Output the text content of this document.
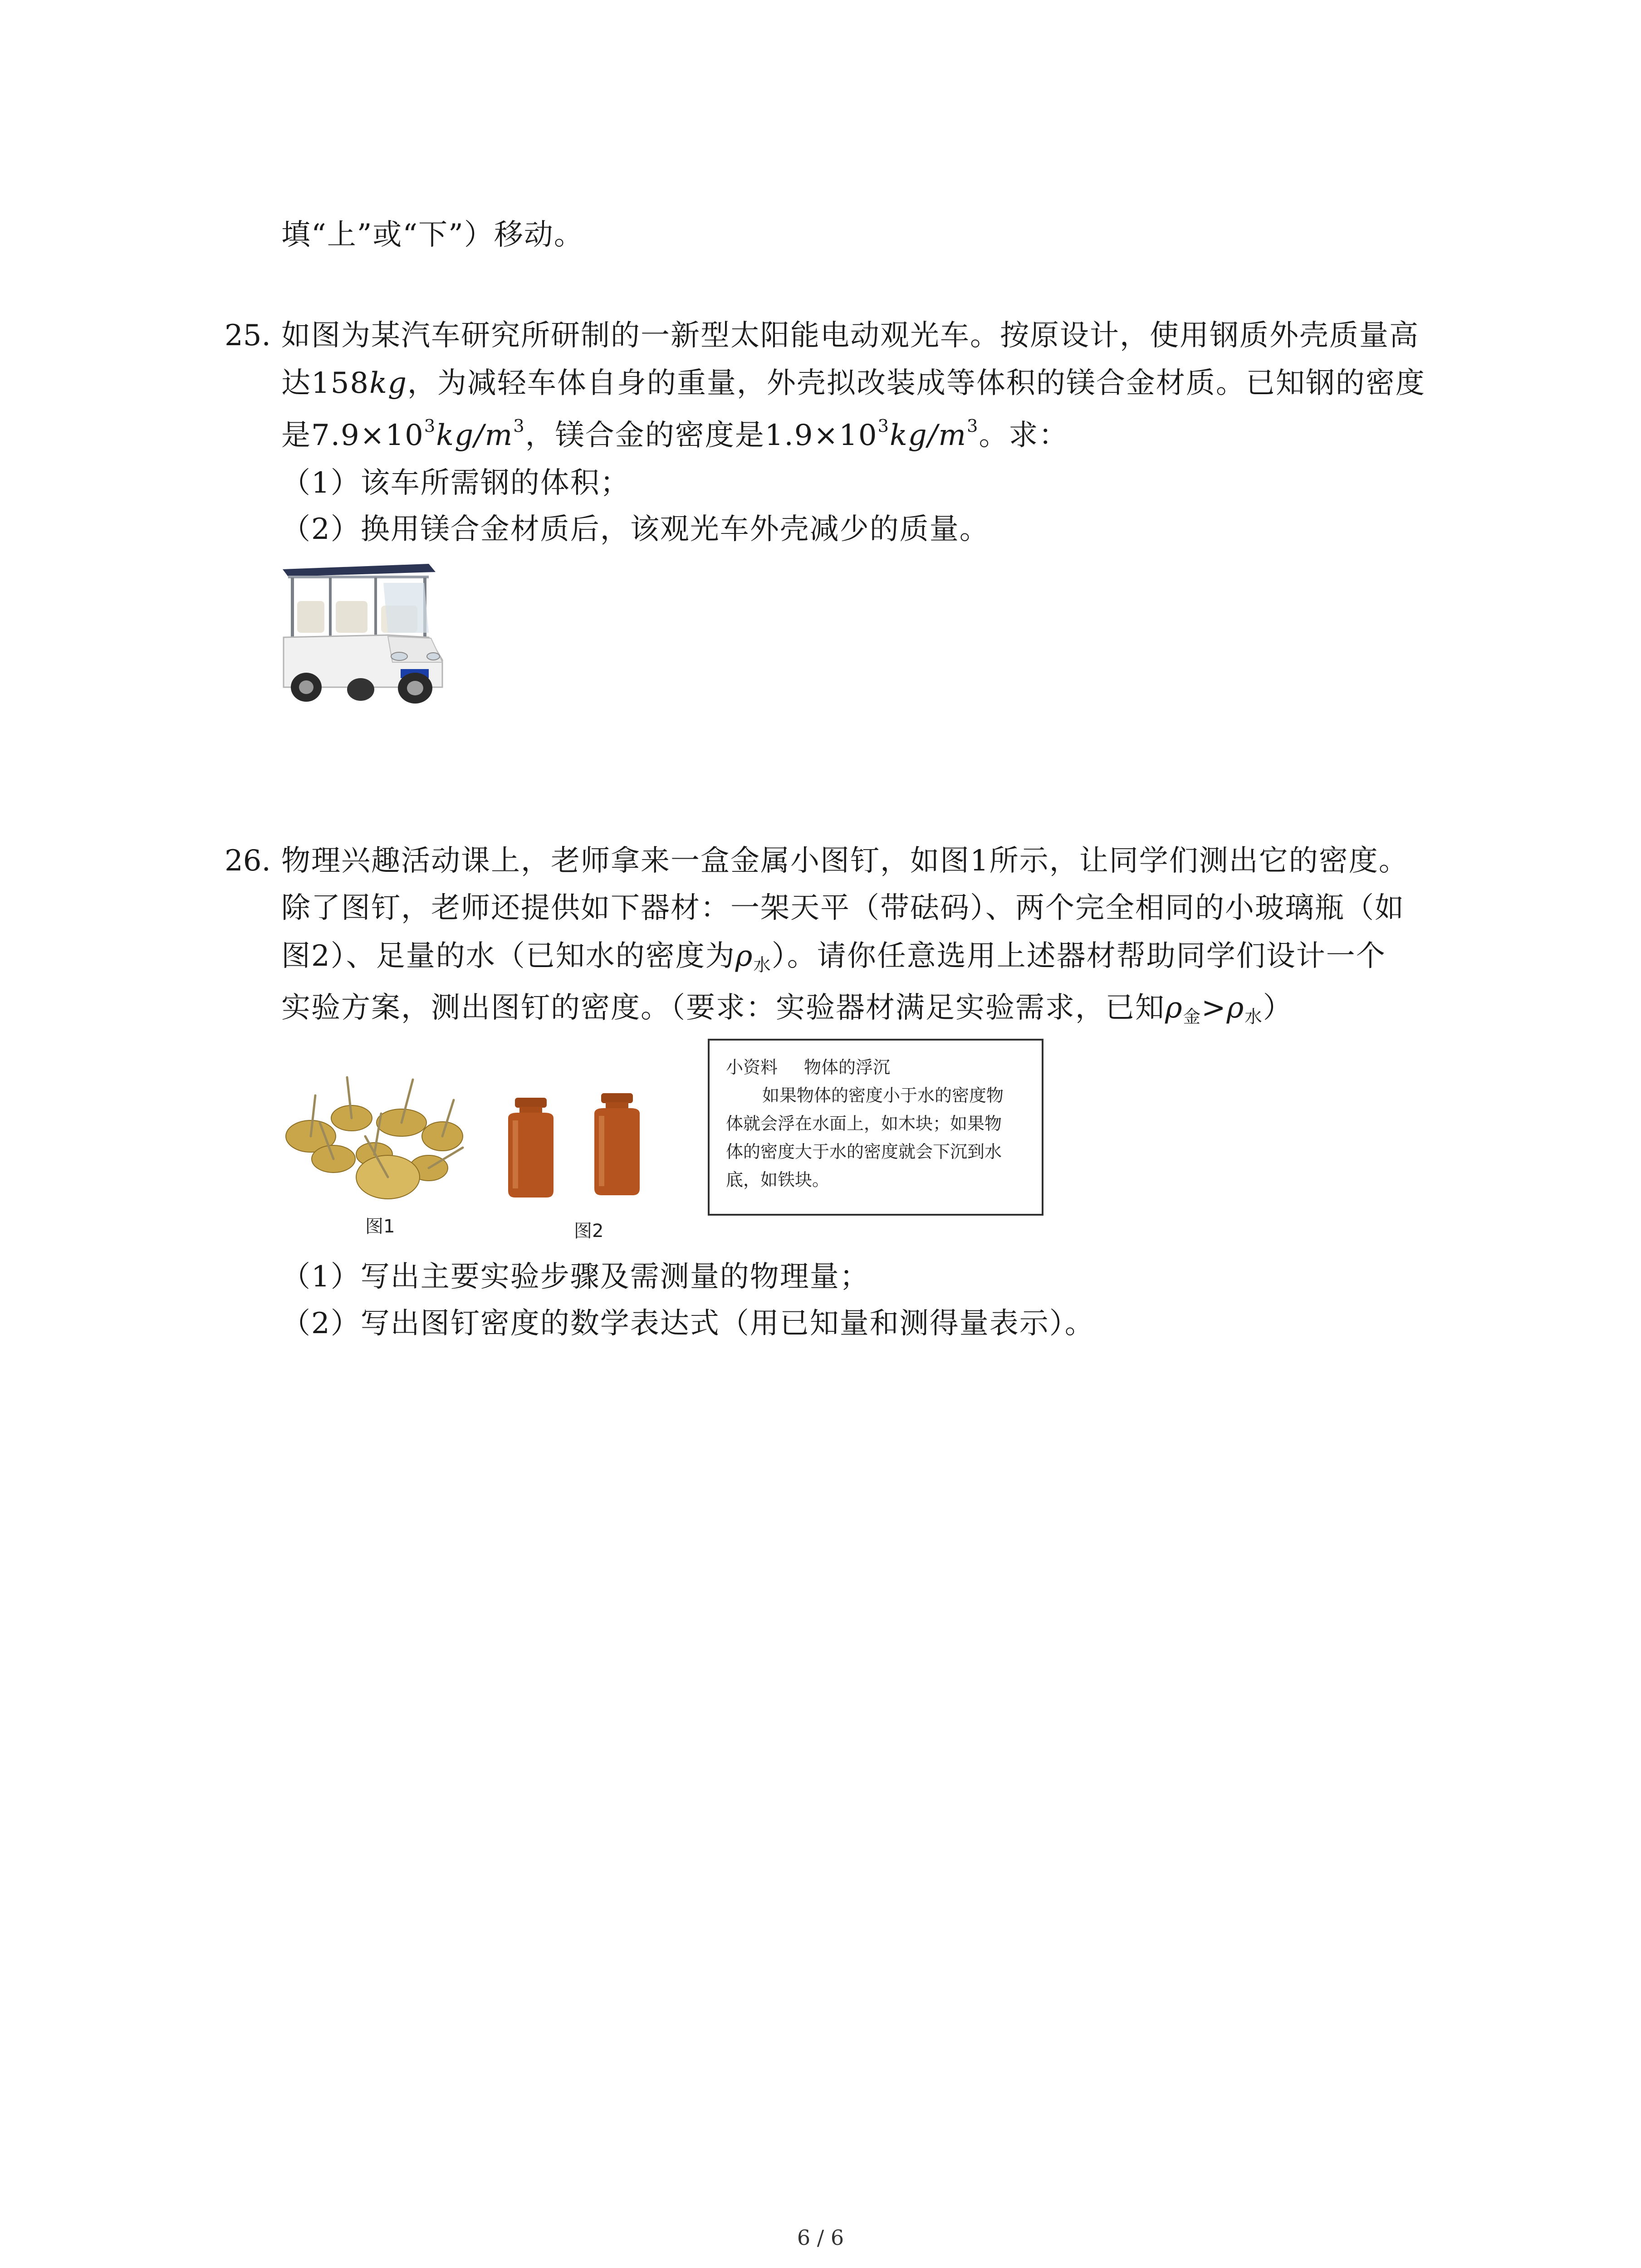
填“上”或“下”）移动。
25. 如图为某汽车研究所研制的一新型太阳能电动观光车。按原设计，使用钢质外壳质量高
达158kg，为减轻车体自身的重量，外壳拟改装成等体积的镁合金材质。已知钢的密度
是$7.9\times 10^3kg/m^3$，镁合金的密度是$1.9\times 10^3kg/m^3$。求：
（1）该车所需钢的体积；
（2）换用镁合金材质后，该观光车外壳减少的质量。
26. 物理兴趣活动课上，老师拿来一盒金属小图钉，如图1所示，让同学们测出它的密度。
除了图钉，老师还提供如下器材：一架天平（带砝码）、两个完全相同的小玻璃瓶（如
图2）、足量的水（已知水的密度为$\rho_水$）。请你任意选用上述器材帮助同学们设计一个
实验方案，测出图钉的密度。（要求：实验器材满足实验需求，已知$\rho_金>\rho_水$）
图1	图2
小资料 物体的浮沉
如果物体的密度小于水的密度物
体就会浮在水面上，如木块；如果物
体的密度大于水的密度就会下沉到水
底，如铁块。
（1）写出主要实验步骤及需测量的物理量；
（2）写出图钉密度的数学表达式（用已知量和测得量表示）。
6 / 6
